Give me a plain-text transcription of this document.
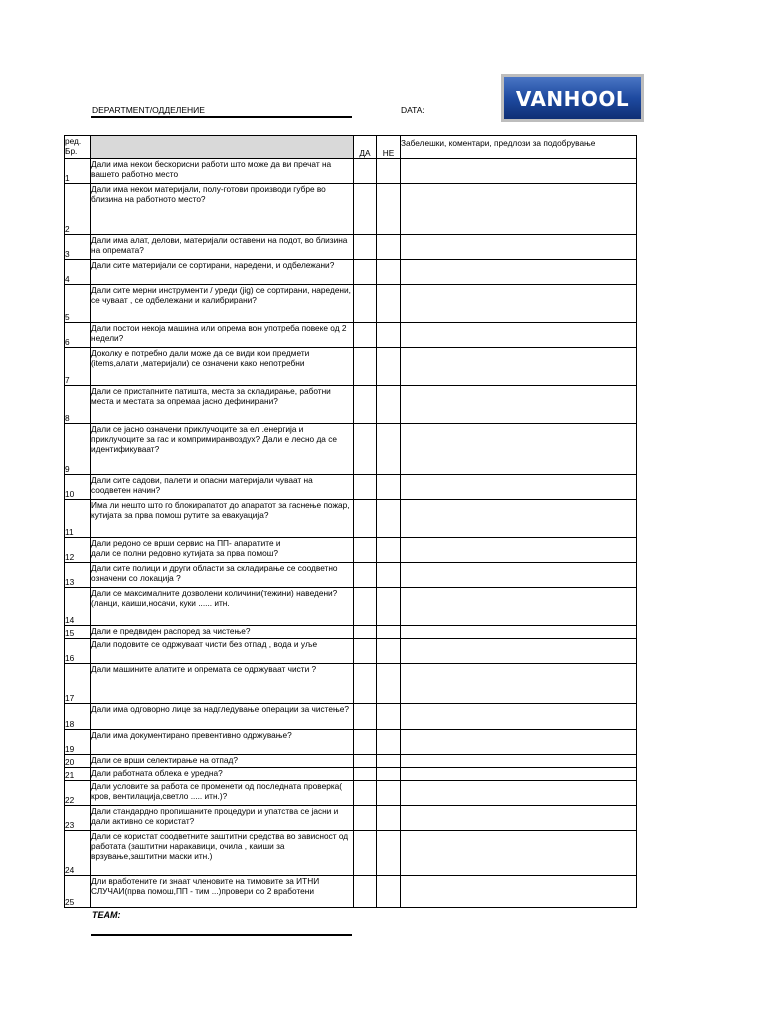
DEPARTMENT/ОДДЕЛЕНИЕ	DATA:	VANHOOL
ред. Бр.		ДА	НЕ	Забелешки, коментари, предлози за подобрување
1	Дали има некои бескорисни работи што може да ви пречат на вашето работно место			
2	Дали има некои материјали, полу-готови производи губре во близина на работното место?			
3	Дали има алат, делови, материјали оставени на подот, во близина на опремата?			
4	Дали сите материјали се сортирани, наредени, и одбележани?			
5	Дали сите мерни инструменти / уреди (jig) се сортирани, наредени, се чуваат , се одбележани и калибрирани?			
6	Дали постои некоја машина или опрема вон употреба повеке од 2 недели?			
7	Доколку е потребно дали може да се види кои предмети (items,алати ,материјали) се означени како непотребни			
8	Дали се пристапните патишта, места за складирање, работни места и местата за опремаа јасно дефинирани?			
9	Дали се јасно означени приклучоците за ел .енергија и приклучоците за гас и компримиранвоздух? Дали е лесно да се идентификуваат?			
10	Дали сите садови, палети и опасни материјали чуваат на соодветен начин?			
11	Има ли нешто што го блокирапатот до апаратот за гаснење пожар, кутијата за прва помош рутите за евакуација?			
12	Дали редоно се врши сервис на ПП- апаратите и
дали се полни редовно кутијата за прва помош?			
13	Дали сите полици и други области за складирање се соодветно означени со локација ?			
14	Дали се максималните дозволени количини(тежини) наведени?(ланци, каиши,носачи, куки ...... итн.			
15	Дали е предвиден распоред за чистење?			
16	Дали подовите се одржуваат чисти без отпад , вода и уље			
17	Дали машините алатите и опремата се одржуваат чисти ?			
18	Дали има одговорно лице за надгледување операции за чистење?			
19	Дали има документирано превентивно одржување?			
20	Дали се врши селектирање на отпад?			
21	Дали работната облека е уредна?			
22	Дали условите за работа се променети од последната проверка( кров, вентилација,светло ..... итн.)?			
23	Дали стандардно пропишаните процедури и упатства се јасни и дали активно се користат?			
24	Дали се користат соодветните заштитни средства во зависност од работата (заштитни наракавици, очила , каиши за врзување,заштитни маски итн.)			
25	Дли вработените ги знаат членовите на тимовите за ИТНИ СЛУЧАИ(прва помош,ПП - тим ...)провери со 2 вработени			
TEAM:
